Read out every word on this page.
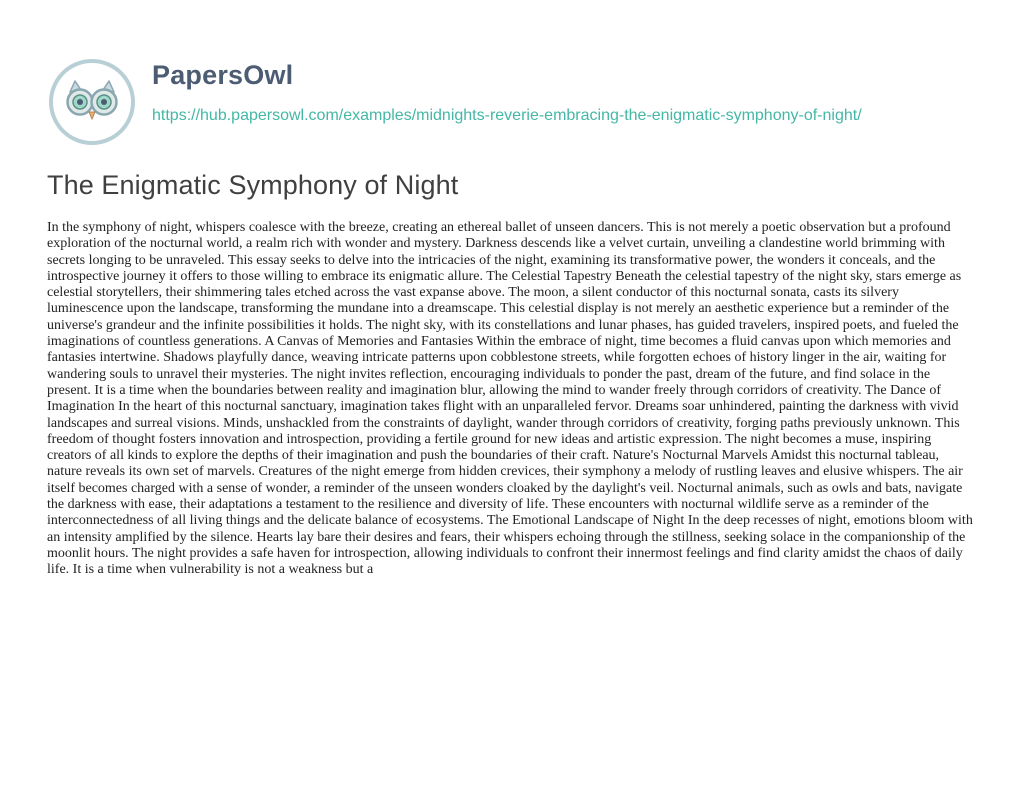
PapersOwl
https://hub.papersowl.com/examples/midnights-reverie-embracing-the-enigmatic-symphony-of-night/
The Enigmatic Symphony of Night

In the symphony of night, whispers coalesce with the breeze, creating an ethereal ballet of unseen dancers. This is not merely a poetic observation but a profound exploration of the nocturnal world, a realm rich with wonder and mystery. Darkness descends like a velvet curtain, unveiling a clandestine world brimming with secrets longing to be unraveled. This essay seeks to delve into the intricacies of the night, examining its transformative power, the wonders it conceals, and the introspective journey it offers to those willing to embrace its enigmatic allure. The Celestial Tapestry Beneath the celestial tapestry of the night sky, stars emerge as celestial storytellers, their shimmering tales etched across the vast expanse above. The moon, a silent conductor of this nocturnal sonata, casts its silvery luminescence upon the landscape, transforming the mundane into a dreamscape. This celestial display is not merely an aesthetic experience but a reminder of the universe's grandeur and the infinite possibilities it holds. The night sky, with its constellations and lunar phases, has guided travelers, inspired poets, and fueled the imaginations of countless generations. A Canvas of Memories and Fantasies Within the embrace of night, time becomes a fluid canvas upon which memories and fantasies intertwine. Shadows playfully dance, weaving intricate patterns upon cobblestone streets, while forgotten echoes of history linger in the air, waiting for wandering souls to unravel their mysteries. The night invites reflection, encouraging individuals to ponder the past, dream of the future, and find solace in the present. It is a time when the boundaries between reality and imagination blur, allowing the mind to wander freely through corridors of creativity. The Dance of Imagination In the heart of this nocturnal sanctuary, imagination takes flight with an unparalleled fervor. Dreams soar unhindered, painting the darkness with vivid landscapes and surreal visions. Minds, unshackled from the constraints of daylight, wander through corridors of creativity, forging paths previously unknown. This freedom of thought fosters innovation and introspection, providing a fertile ground for new ideas and artistic expression. The night becomes a muse, inspiring creators of all kinds to explore the depths of their imagination and push the boundaries of their craft. Nature's Nocturnal Marvels Amidst this nocturnal tableau, nature reveals its own set of marvels. Creatures of the night emerge from hidden crevices, their symphony a melody of rustling leaves and elusive whispers. The air itself becomes charged with a sense of wonder, a reminder of the unseen wonders cloaked by the daylight's veil. Nocturnal animals, such as owls and bats, navigate the darkness with ease, their adaptations a testament to the resilience and diversity of life. These encounters with nocturnal wildlife serve as a reminder of the interconnectedness of all living things and the delicate balance of ecosystems. The Emotional Landscape of Night In the deep recesses of night, emotions bloom with an intensity amplified by the silence. Hearts lay bare their desires and fears, their whispers echoing through the stillness, seeking solace in the companionship of the moonlit hours. The night provides a safe haven for introspection, allowing individuals to confront their innermost feelings and find clarity amidst the chaos of daily life. It is a time when vulnerability is not a weakness but a
